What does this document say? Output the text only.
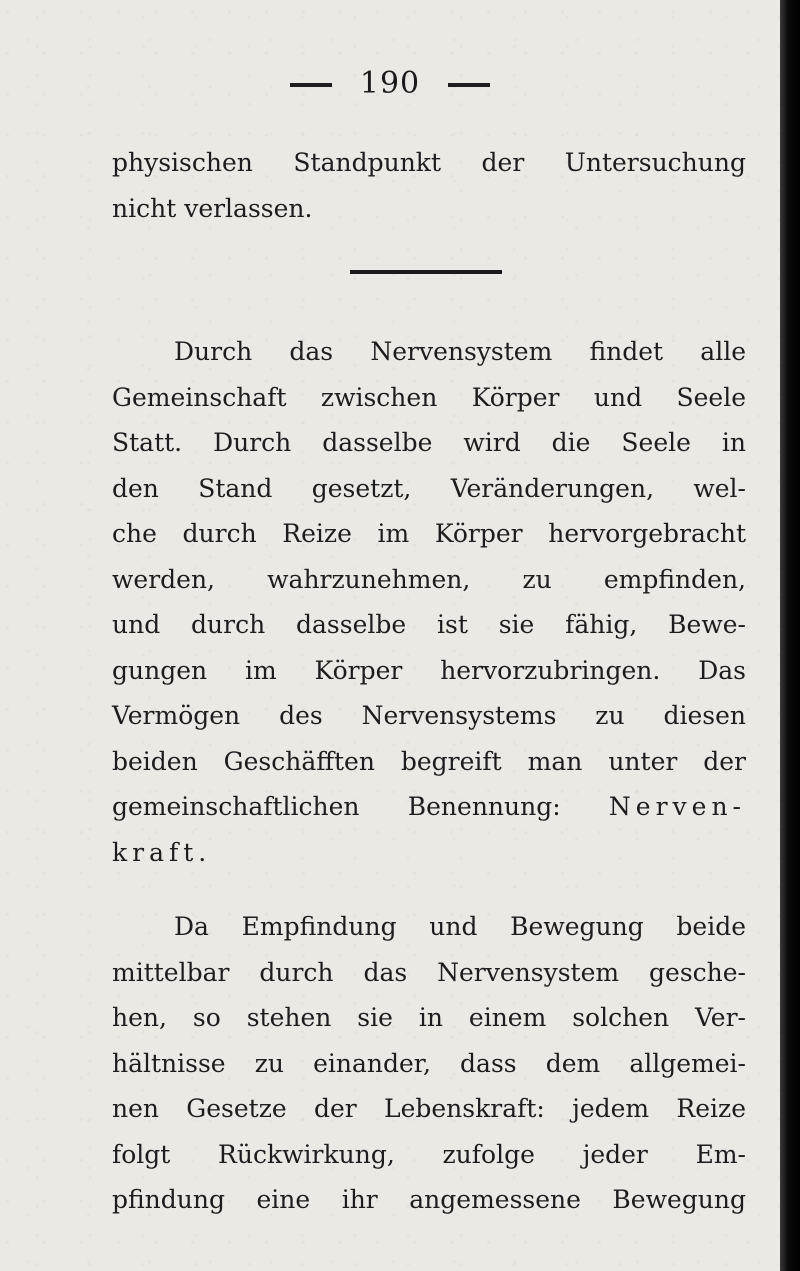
190
physischen Standpunkt der Untersuchung
nicht verlassen.
Durch das Nervensystem findet alle
Gemeinschaft zwischen Körper und Seele
Statt. Durch dasselbe wird die Seele in
den Stand gesetzt, Veränderungen, wel-
che durch Reize im Körper hervorgebracht
werden, wahrzunehmen, zu empfinden,
und durch dasselbe ist sie fähig, Bewe-
gungen im Körper hervorzubringen. Das
Vermögen des Nervensystems zu diesen
beiden Geschäfften begreift man unter der
gemeinschaftlichen Benennung: Nerven-
kraft.
Da Empfindung und Bewegung beide
mittelbar durch das Nervensystem gesche-
hen, so stehen sie in einem solchen Ver-
hältnisse zu einander, dass dem allgemei-
nen Gesetze der Lebenskraft: jedem Reize
folgt Rückwirkung, zufolge jeder Em-
pfindung eine ihr angemessene Bewegung
